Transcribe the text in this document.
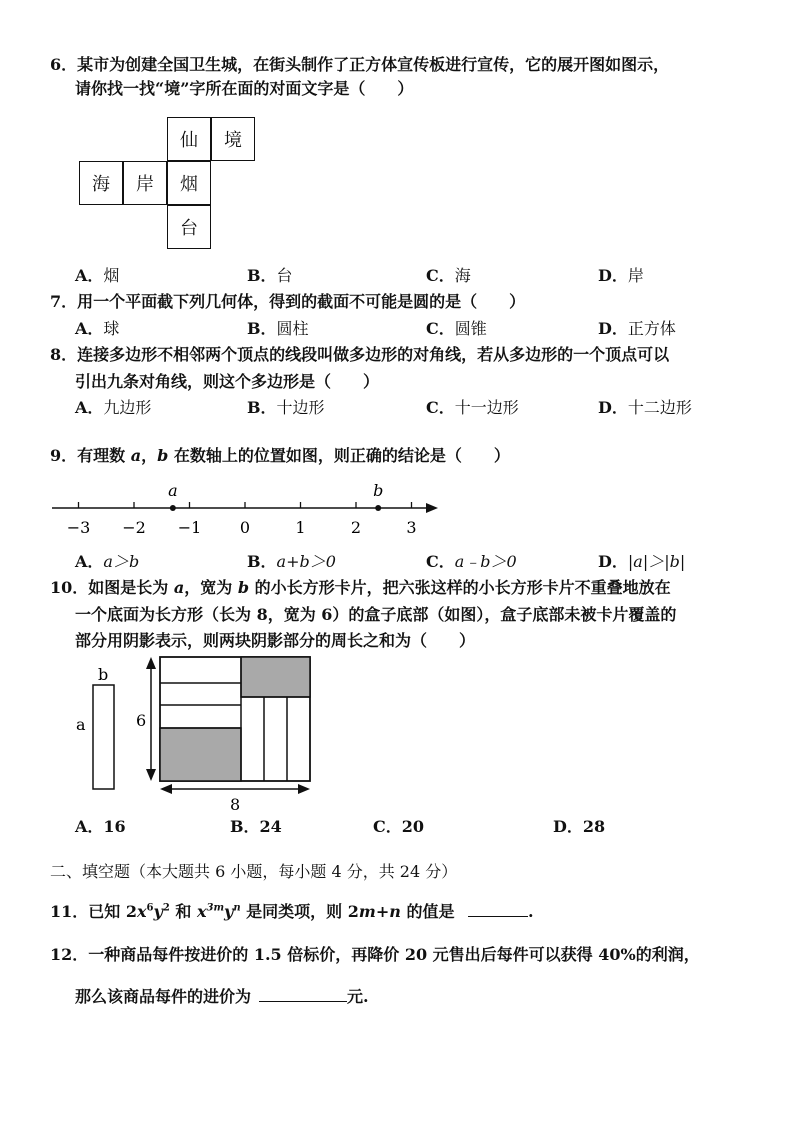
6．某市为创建全国卫生城，在街头制作了正方体宣传板进行宣传，它的展开图如图示，
请你找一找“境”字所在面的对面文字是（　　）
仙	境
海	岸	烟
台
A．烟	B．台	C．海	D．岸
7．用一个平面截下列几何体，得到的截面不可能是圆的是（　　）
A．球	B．圆柱	C．圆锥	D．正方体
8．连接多边形不相邻两个顶点的线段叫做多边形的对角线，若从多边形的一个顶点可以
引出九条对角线，则这个多边形是（　　）
A．九边形	B．十边形	C．十一边形	D．十二边形
9．有理数 a，b 在数轴上的位置如图，则正确的结论是（　　）
−3 −2 −1 0	1	2	3
a	b
A．a＞b	B．a+b＞0	C．a﹣b＞0	D．|a|＞|b|
10．如图是长为 a，宽为 b 的小长方形卡片，把六张这样的小长方形卡片不重叠地放在
一个底面为长方形（长为 8，宽为 6）的盒子底部（如图），盒子底部未被卡片覆盖的
部分用阴影表示，则两块阴影部分的周长之和为（　　）
b
a	6
8
A．16	B．24	C．20	D．28
二、填空题（本大题共 6 小题，每小题 4 分，共 24 分）
11．已知 $2x^6y^2$ 和 $x^{3m}y^n$ 是同类项，则 2m+n 的值是	.
12．一种商品每件按进价的 1.5 倍标价，再降价 20 元售出后每件可以获得 40%的利润，
那么该商品每件的进价为	元.
